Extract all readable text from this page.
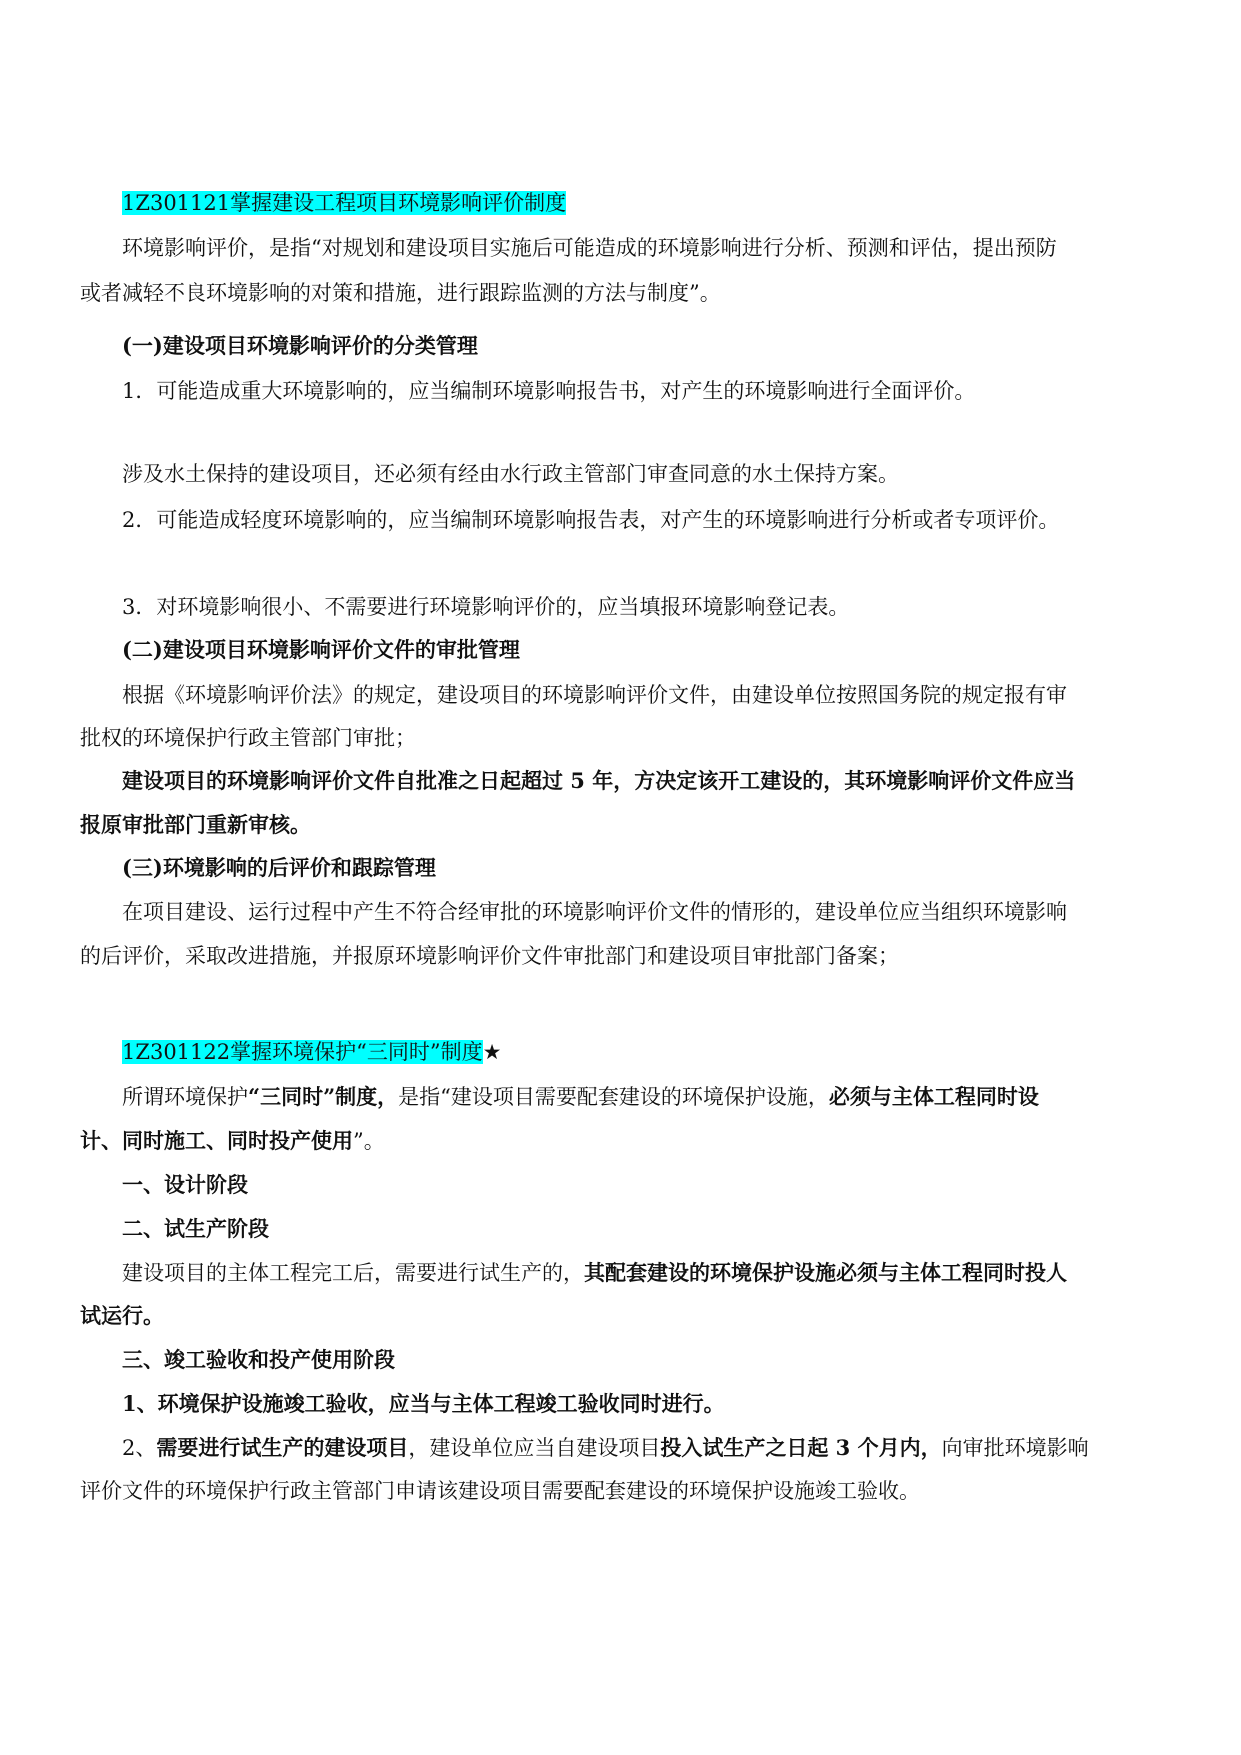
1Z301121掌握建设工程项目环境影响评价制度
环境影响评价，是指“对规划和建设项目实施后可能造成的环境影响进行分析、预测和评估，提出预防
或者减轻不良环境影响的对策和措施，进行跟踪监测的方法与制度”。
(一)建设项目环境影响评价的分类管理
1．可能造成重大环境影响的，应当编制环境影响报告书，对产生的环境影响进行全面评价。
涉及水土保持的建设项目，还必须有经由水行政主管部门审查同意的水土保持方案。
2．可能造成轻度环境影响的，应当编制环境影响报告表，对产生的环境影响进行分析或者专项评价。
3．对环境影响很小、不需要进行环境影响评价的，应当填报环境影响登记表。
(二)建设项目环境影响评价文件的审批管理
根据《环境影响评价法》的规定，建设项目的环境影响评价文件，由建设单位按照国务院的规定报有审
批权的环境保护行政主管部门审批；
建设项目的环境影响评价文件自批准之日起超过 5 年，方决定该开工建设的，其环境影响评价文件应当
报原审批部门重新审核。
(三)环境影响的后评价和跟踪管理
在项目建设、运行过程中产生不符合经审批的环境影响评价文件的情形的，建设单位应当组织环境影响
的后评价，采取改进措施，并报原环境影响评价文件审批部门和建设项目审批部门备案；
1Z301122掌握环境保护“三同时”制度★
所谓环境保护“三同时”制度，是指“建设项目需要配套建设的环境保护设施，必须与主体工程同时设
计、同时施工、同时投产使用”。
一、设计阶段
二、试生产阶段
建设项目的主体工程完工后，需要进行试生产的，其配套建设的环境保护设施必须与主体工程同时投人
试运行。
三、竣工验收和投产使用阶段
1、环境保护设施竣工验收，应当与主体工程竣工验收同时进行。
2、需要进行试生产的建设项目，建设单位应当自建设项目投入试生产之日起 3 个月内，向审批环境影响
评价文件的环境保护行政主管部门申请该建设项目需要配套建设的环境保护设施竣工验收。
